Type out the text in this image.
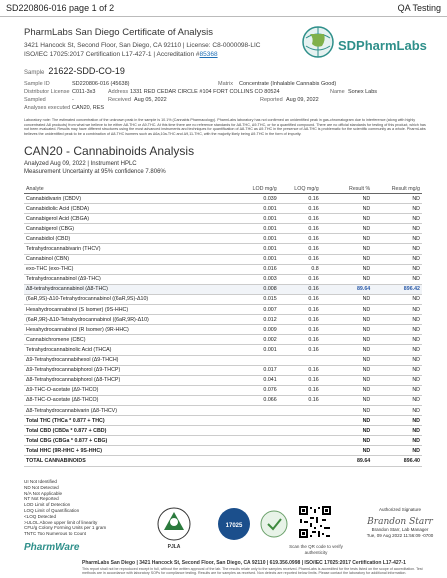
SD220806-016 page 1 of 2	QA Testing
PharmLabs San Diego Certificate of Analysis
3421 Hancock St, Second Floor, San Diego, CA 92110 | License: C8-0000098-LIC
ISO/IEC 17025:2017 Certification L17-427-1 | Accreditation #85368
SDPharmLabs
Sample 21622-SDD-CO-19
Sample ID	SD220806-016 (45638)	Matrix Concentrate (Inhalable Cannabis Good)
Distributor License C011-3x3 Address 1331 RED CEDAR CIRCLE #104 FORT COLLINS CO 80524	Name Sonex Labs
Sampled	-	Received Aug 05, 2022	Reported Aug 09, 2022
Analyses executed CAN20, RES
Laboratory note: The estimated concentration of the unknown peak in the sample is 10.1% (Cannabis Pharmacology). PharmLabs laboratory has not confirmed an unidentified peak in gas-chromatogram due to interference (along with highly concentrated Δ8 products) from what we believe to be either Δ8-THC or Δ9-THC. At this time there are no reference standards for Δ8-THC, Δ9-THC, or for a quantified compound. There are no official standards for testing of this product, which has not been evaluated. Results may have different structures using the most advanced instruments and techniques for quantification of Δ8-THC as Δ9-THC in the presence of Δ8-THC is problematic for the scientific community as a whole. PharmLabs believes the unidentified peak to be a combination of Δ8-THC isomers such as Δ6a,10a-THC and Δ9,11-THC, with the majority likely being Δ9-THC in the form of impurity.
CAN20 - Cannabinoids Analysis
Analyzed Aug 09, 2022 | Instrument HPLC
Measurement Uncertainty at 95% confidence 7.806%
Analyte	LOD mg/g	LOQ mg/g	Result %	Result mg/g
Cannabidivarin (CBDV)	0.039	0.16	ND	ND
Cannabidiolic Acid (CBDA)	0.001	0.16	ND	ND
Cannabigerol Acid (CBGA)	0.001	0.16	ND	ND
Cannabigerol (CBG)	0.001	0.16	ND	ND
Cannabidiol (CBD)	0.001	0.16	ND	ND
Tetrahydrocannabivarin (THCV)	0.001	0.16	ND	ND
Cannabinol (CBN)	0.001	0.16	ND	ND
exo-THC (exo-THC)	0.016	0.8	ND	ND
Tetrahydrocannabinol (Δ9-THC)	0.003	0.16	ND	ND
Δ8-tetrahydrocannabinol (Δ8-THC)	0.008	0.16	89.64	896.42
(6aR,9S)-Δ10-Tetrahydrocannabinol ((6aR,9S)-Δ10)	0.015	0.16	ND	ND
Hexahydrocannabinol (S Isomer) (9S-HHC)	0.007	0.16	ND	ND
(6aR,9R)-Δ10-Tetrahydrocannabinol ((6aR,9R)-Δ10)	0.012	0.16	ND	ND
Hexahydrocannabinol (R Isomer) (9R-HHC)	0.009	0.16	ND	ND
Cannabichromene (CBC)	0.002	0.16	ND	ND
Tetrahydrocannabinolic Acid (THCA)	0.001	0.16	ND	ND
Δ9-Tetrahydrocannabihexol (Δ9-THCH)			ND	ND
Δ9-Tetrahydrocannabiphorol (Δ9-THCP)	0.017	0.16	ND	ND
Δ8-Tetrahydrocannabiphorol (Δ8-THCP)	0.041	0.16	ND	ND
Δ9-THC-O-acetate (Δ9-THCO)	0.076	0.16	ND	ND
Δ8-THC-O-acetate (Δ8-THCO)	0.066	0.16	ND	ND
Δ8-Tetrahydrocannabivarin (Δ8-THCV)			ND	ND
Total THC (THCa * 0.877 + THC)			ND	ND
Total CBD (CBDa * 0.877 + CBD)			ND	ND
Total CBG (CBGa * 0.877 + CBG)			ND	ND
Total HHC (9R-HHC + 9S-HHC)			ND	ND
TOTAL CANNABINOIDS			89.64	896.40
UI Not Identified
ND Not Detected
N/A Not Applicable
NT Not Reported
LOD Limit of Detection
LOQ Limit of Quantification
<LOQ Detected
>ULOL Above upper limit of linearity
CFU/g Colony Forming Units per 1 gram
TNTC Too Numerous to Count
PJLA
17025
Scan the QR code to verify authenticity
Authorized Signature
Brandon Starr
Brandon Starr, Lab Manager
Tue, 09 Aug 2022 11:56:09 -0700
PharmWare
PharmLabs San Diego | 3421 Hancock St, Second Floor, San Diego, CA 92110 | 619.356.0998 | ISO/IEC 17025:2017 Certification L17-427-1
This report shall not be reproduced except in full, without the written approval of the lab. The results relate only to the samples received. PharmLabs is accredited for the tests listed on the scope of accreditation. Test methods are in accordance with laboratory SOPs for compliance testing. Results are for samples as received. Non detects are reported below limits. Please contact the laboratory for additional information.
